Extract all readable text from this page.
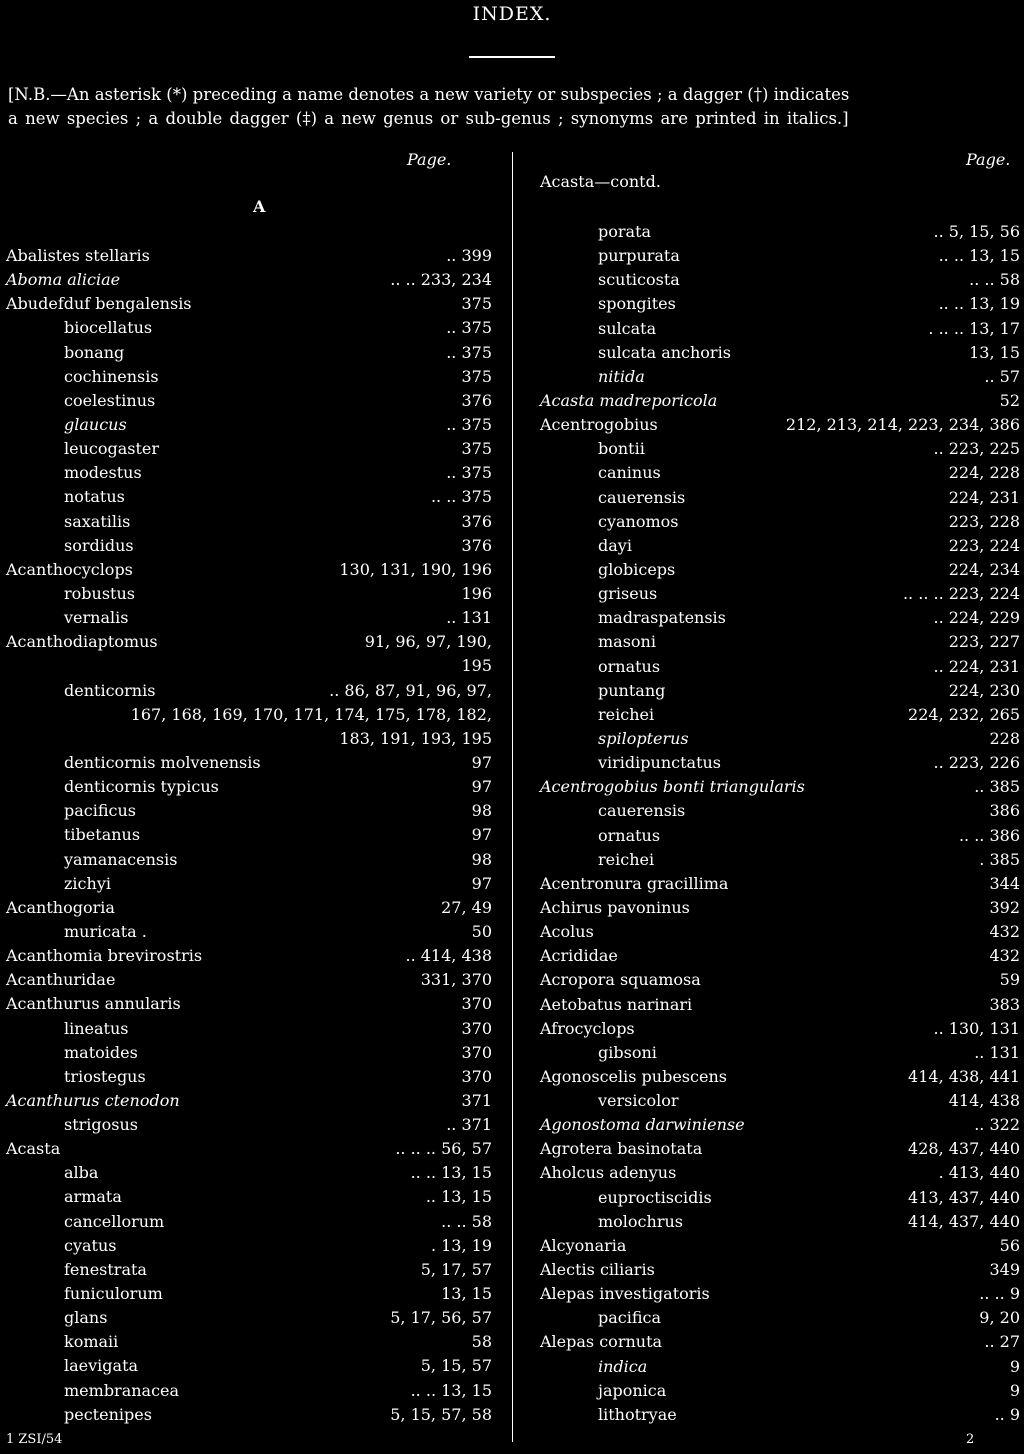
INDEX.
[N.B.—An asterisk (*) preceding a name denotes a new variety or subspecies ; a dagger (†) indicates
a new species ; a double dagger (‡) a new genus or sub-genus ; synonyms are printed in italics.]
Page.	Page.
Acasta—contd.
A
Abalistes stellaris	.. 399
Aboma aliciae	.. .. 233, 234
Abudefduf bengalensis	375
biocellatus	.. 375
bonang	.. 375
cochinensis	375
coelestinus	376
glaucus	.. 375
leucogaster	375
modestus	.. 375
notatus	.. .. 375
saxatilis	376
sordidus	376
Acanthocyclops	130, 131, 190, 196
robustus	196
vernalis	.. 131
Acanthodiaptomus	91, 96, 97, 190,
195
denticornis	.. 86, 87, 91, 96, 97,
167, 168, 169, 170, 171, 174, 175, 178, 182,
183, 191, 193, 195
denticornis molvenensis	97
denticornis typicus	97
pacificus	98
tibetanus	97
yamanacensis	98
zichyi	97
Acanthogoria	27, 49
muricata .	50
Acanthomia brevirostris	.. 414, 438
Acanthuridae	331, 370
Acanthurus annularis	370
lineatus	370
matoides	370
triostegus	370
Acanthurus ctenodon	371
strigosus	.. 371
Acasta	.. .. .. 56, 57
alba	.. .. 13, 15
armata	.. 13, 15
cancellorum	.. .. 58
cyatus	. 13, 19
fenestrata	5, 17, 57
funiculorum	13, 15
glans	5, 17, 56, 57
komaii	58
laevigata	5, 15, 57
membranacea	.. .. 13, 15
pectenipes	5, 15, 57, 58
porata	.. 5, 15, 56
purpurata	.. .. 13, 15
scuticosta	.. .. 58
spongites	.. .. 13, 19
sulcata	. .. .. 13, 17
sulcata anchoris	13, 15
nitida	.. 57
Acasta madreporicola	52
Acentrogobius	212, 213, 214, 223, 234, 386
bontii	.. 223, 225
caninus	224, 228
cauerensis	224, 231
cyanomos	223, 228
dayi	223, 224
globiceps	224, 234
griseus	.. .. .. 223, 224
madraspatensis	.. 224, 229
masoni	223, 227
ornatus	.. 224, 231
puntang	224, 230
reichei	224, 232, 265
spilopterus	228
viridipunctatus	.. 223, 226
Acentrogobius bonti triangularis	.. 385
cauerensis	386
ornatus	.. .. 386
reichei	. 385
Acentronura gracillima	344
Achirus pavoninus	392
Acolus	432
Acrididae	432
Acropora squamosa	59
Aetobatus narinari	383
Afrocyclops	.. 130, 131
gibsoni	.. 131
Agonoscelis pubescens	414, 438, 441
versicolor	414, 438
Agonostoma darwiniense	.. 322
Agrotera basinotata	428, 437, 440
Aholcus adenyus	. 413, 440
euproctiscidis	413, 437, 440
molochrus	414, 437, 440
Alcyonaria	56
Alectis ciliaris	349
Alepas investigatoris	.. .. 9
pacifica	9, 20
Alepas cornuta	.. 27
indica	9
japonica	9
lithotryae	.. 9
1 ZSI/54	2
